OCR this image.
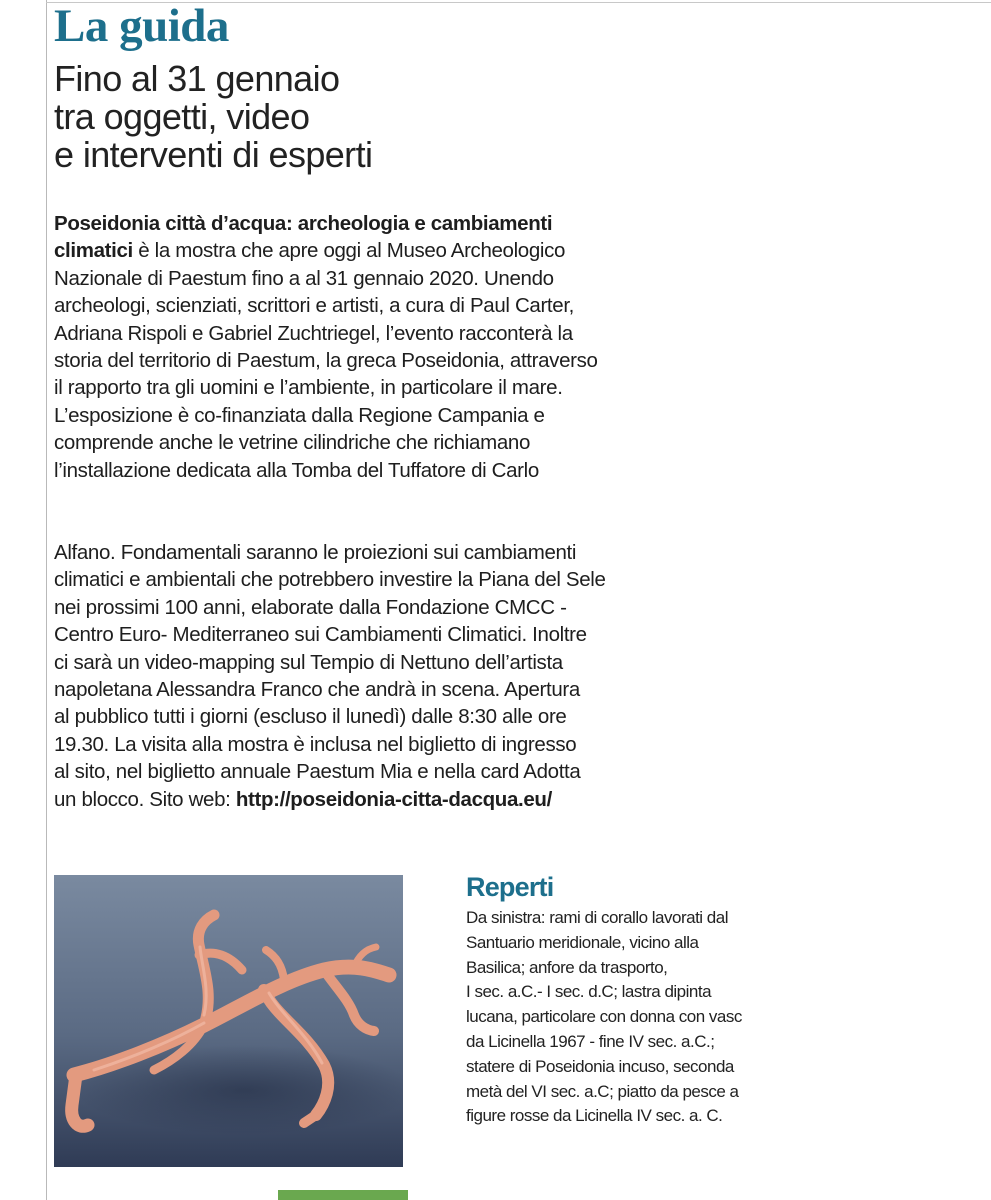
La guida
Fino al 31 gennaio
tra oggetti, video
e interventi di esperti
Poseidonia città d’acqua: archeologia e cambiamenti
climatici è la mostra che apre oggi al Museo Archeologico
Nazionale di Paestum fino a al 31 gennaio 2020. Unendo
archeologi, scienziati, scrittori e artisti, a cura di Paul Carter,
Adriana Rispoli e Gabriel Zuchtriegel, l’evento racconterà la
storia del territorio di Paestum, la greca Poseidonia, attraverso
il rapporto tra gli uomini e l’ambiente, in particolare il mare.
L’esposizione è co-finanziata dalla Regione Campania e
comprende anche le vetrine cilindriche che richiamano
l’installazione dedicata alla Tomba del Tuffatore di Carlo
Alfano. Fondamentali saranno le proiezioni sui cambiamenti
climatici e ambientali che potrebbero investire la Piana del Sele
nei prossimi 100 anni, elaborate dalla Fondazione CMCC -
Centro Euro- Mediterraneo sui Cambiamenti Climatici. Inoltre
ci sarà un video-mapping sul Tempio di Nettuno dell’artista
napoletana Alessandra Franco che andrà in scena. Apertura
al pubblico tutti i giorni (escluso il lunedì) dalle 8:30 alle ore
19.30. La visita alla mostra è inclusa nel biglietto di ingresso
al sito, nel biglietto annuale Paestum Mia e nella card Adotta
un blocco. Sito web: http://poseidonia-citta-dacqua.eu/
Reperti
Da sinistra: rami di corallo lavorati dal
Santuario meridionale, vicino alla
Basilica; anfore da trasporto,
I sec. a.C.- I sec. d.C; lastra dipinta
lucana, particolare con donna con vasc
da Licinella 1967 - fine IV sec. a.C.;
statere di Poseidonia incuso, seconda
metà del VI sec. a.C; piatto da pesce a
figure rosse da Licinella IV sec. a. C.
